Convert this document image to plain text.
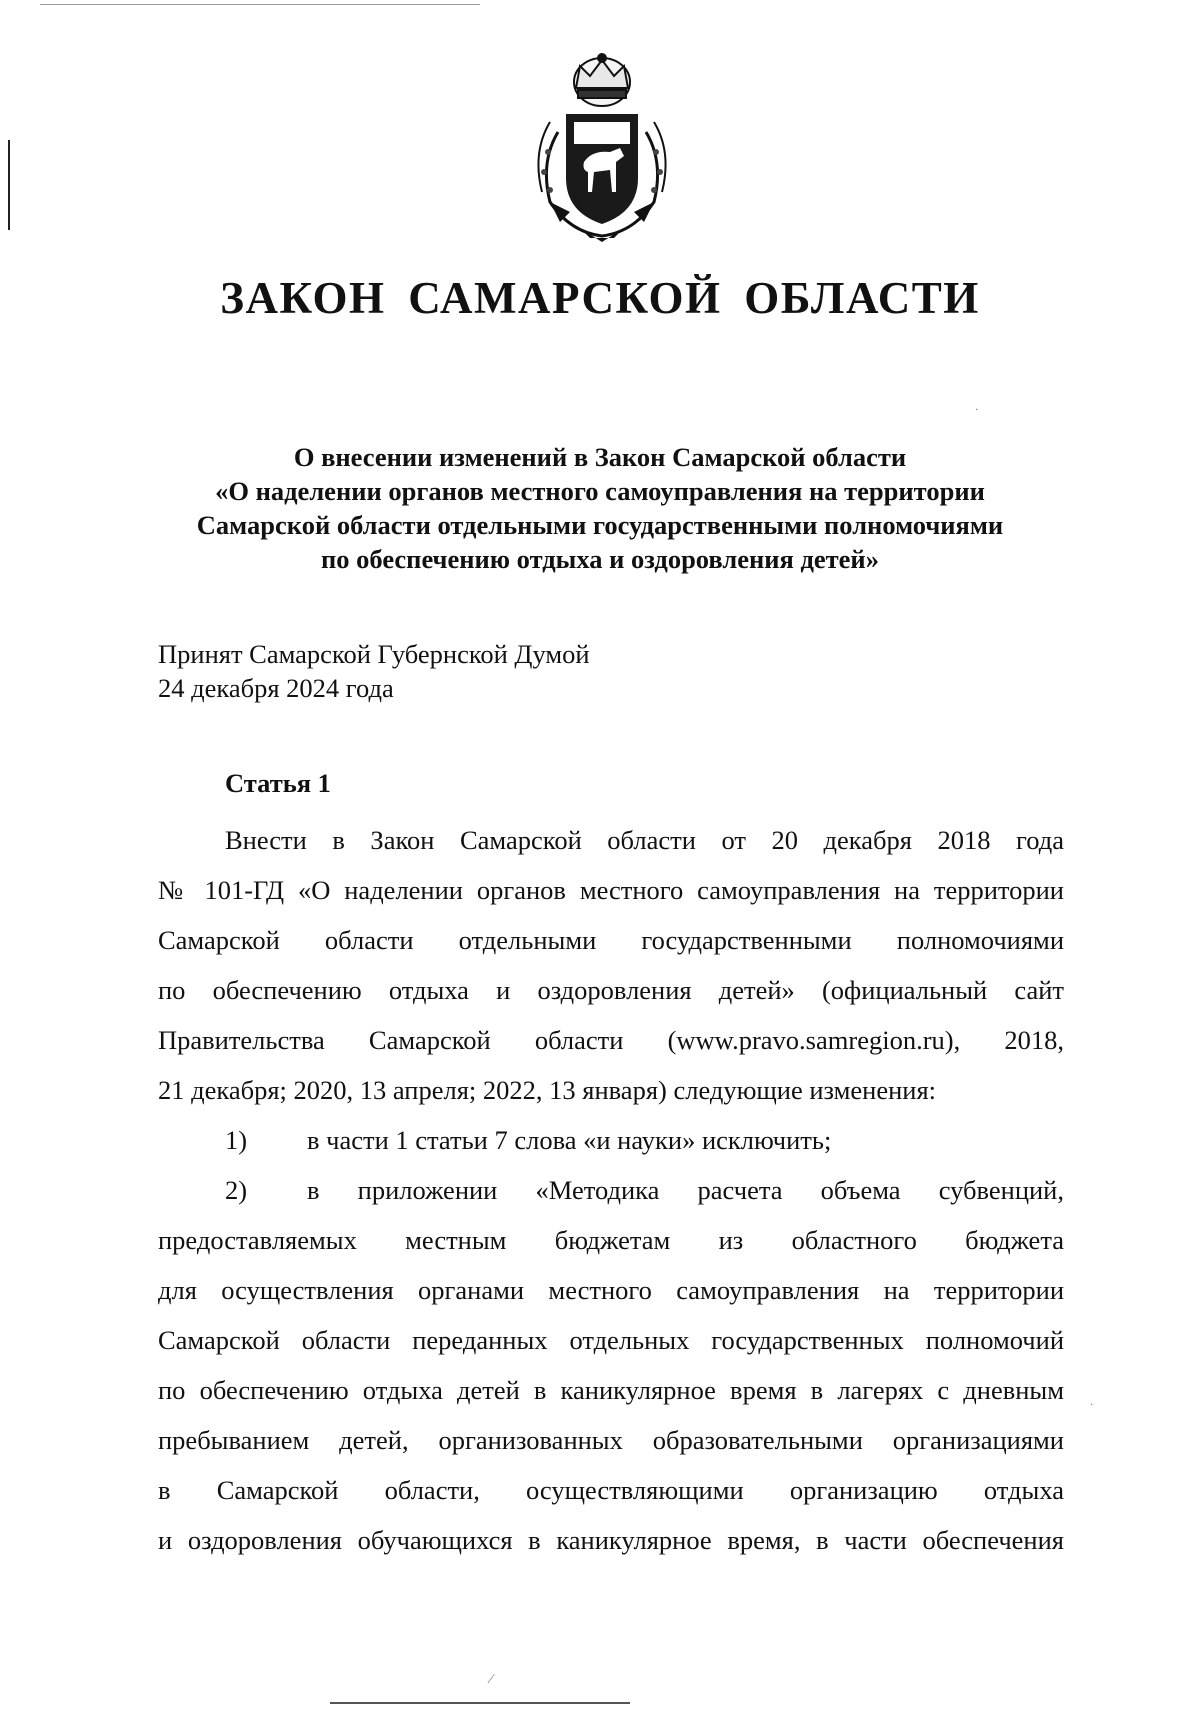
ЗАКОН САМАРСКОЙ ОБЛАСТИ
О внесении изменений в Закон Самарской области
«О наделении органов местного самоуправления на территории
Самарской области отдельными государственными полномочиями
по обеспечению отдыха и оздоровления детей»
Принят Самарской Губернской Думой
24 декабря 2024 года
Статья 1
Внести в Закон Самарской области от 20 декабря 2018 года
№ 101-ГД «О наделении органов местного самоуправления на территории
Самарской области отдельными государственными полномочиями
по обеспечению отдыха и оздоровления детей» (официальный сайт
Правительства Самарской области (www.pravo.samregion.ru), 2018,
21 декабря; 2020, 13 апреля; 2022, 13 января) следующие изменения:
1) в части 1 статьи 7 слова «и науки» исключить;
2)	в приложении «Методика расчета объема субвенций,
предоставляемых местным бюджетам из областного бюджета
для осуществления органами местного самоуправления на территории
Самарской области переданных отдельных государственных полномочий
по обеспечению отдыха детей в каникулярное время в лагерях с дневным
пребыванием детей, организованных образовательными организациями
в Самарской области, осуществляющими организацию отдыха
и оздоровления обучающихся в каникулярное время, в части обеспечения
⁄
·
·
